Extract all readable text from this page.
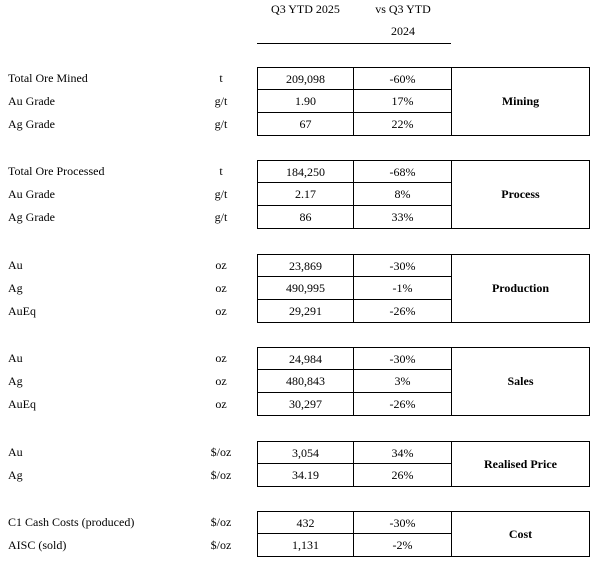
Q3 YTD 2025	vs Q3 YTD
2024
Total Ore Mined	t	209,098	-60%
Au Grade	g/t	1.90	17%
Ag Grade	g/t	67	22%
Mining
Total Ore Processed	t	184,250	-68%
Au Grade	g/t	2.17	8%
Ag Grade	g/t	86	33%
Process
Au	oz	23,869	-30%
Ag	oz	490,995	-1%
AuEq	oz	29,291	-26%
Production
Au	oz	24,984	-30%
Ag	oz	480,843	3%
AuEq	oz	30,297	-26%
Sales
Au	$/oz	3,054	34%
Ag	$/oz	34.19	26%
Realised Price
C1 Cash Costs (produced)	$/oz	432	-30%
AISC (sold)	$/oz	1,131	-2%
Cost
